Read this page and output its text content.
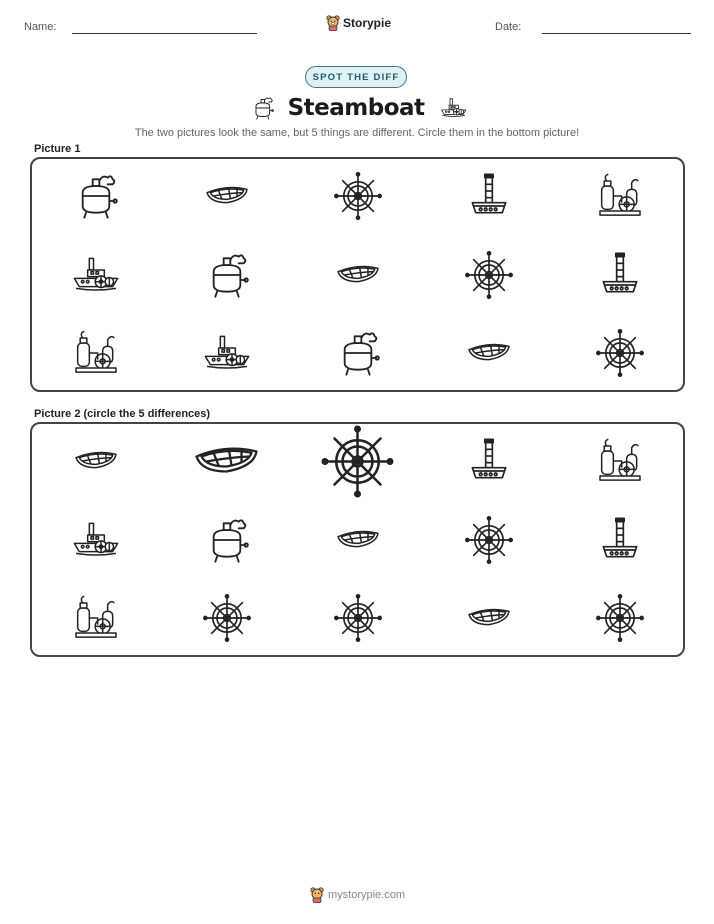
Name:	Storypie	Date:
SPOT THE DIFF
Steamboat
The two pictures look the same, but 5 things are different. Circle them in the bottom picture!
Picture 1
Picture 2 (circle the 5 differences)
mystorypie.com
